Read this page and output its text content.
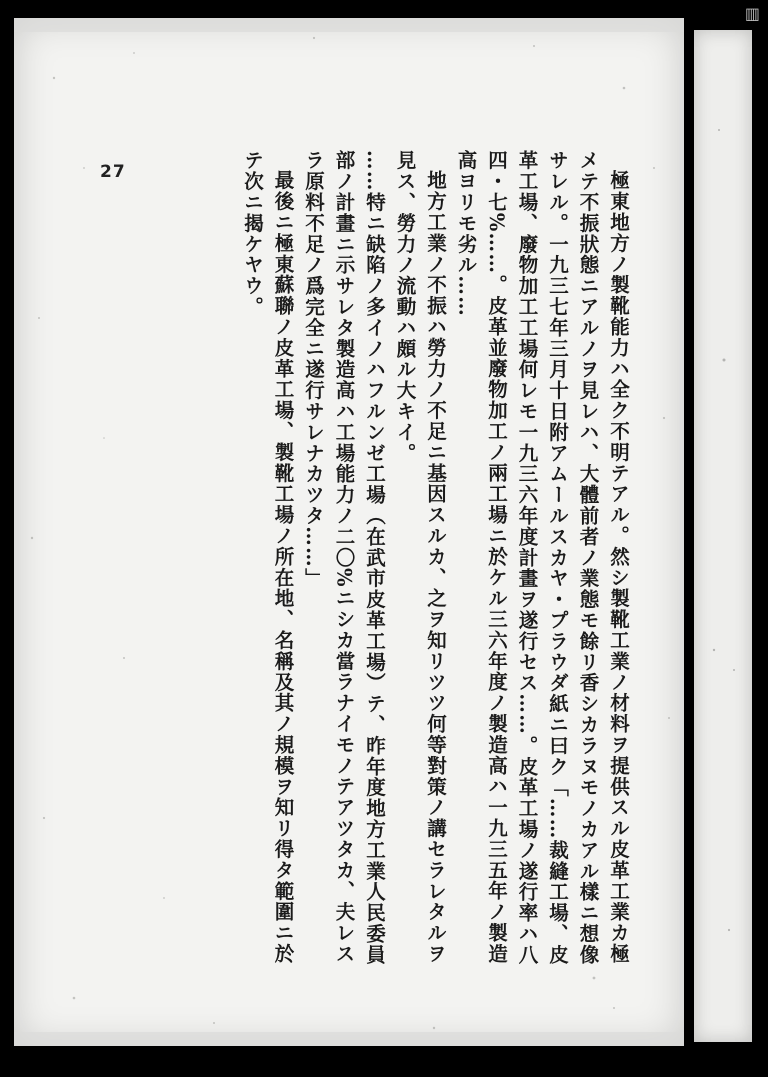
▥
27	極東地方ノ製靴能力ハ全ク不明テアル。然シ製靴工業ノ材料ヲ提供スル皮革工業カ極メテ不振狀態ニアルノヲ見レハ、大體前者ノ業態モ餘リ香シカラヌモノカアル樣ニ想像サレル。一九三七年三月十日附アムールスカヤ・プラウダ紙ニ曰ク「……裁縫工場、皮革工場、廢物加工工場何レモ一九三六年度計畫ヲ遂行セス……。皮革工場ノ遂行率ハ八四・七%……。皮革並廢物加工ノ兩工場ニ於ケル三六年度ノ製造高ハ一九三五年ノ製造高ヨリモ劣ル……

地方工業ノ不振ハ勞力ノ不足ニ基因スルカ、之ヲ知リツツ何等對策ノ講セラレタルヲ見ス、勞力ノ流動ハ頗ル大キイ。

……特ニ缺陷ノ多イノハフルンゼ工場（在武市皮革工場）テ、昨年度地方工業人民委員部ノ計畫ニ示サレタ製造高ハ工場能力ノ二〇%ニシカ當ラナイモノテアツタカ、夫レスラ原料不足ノ爲完全ニ遂行サレナカツタ……」

最後ニ極東蘇聯ノ皮革工場、製靴工場ノ所在地、名稱及其ノ規模ヲ知リ得タ範圍ニ於テ次ニ揭ケヤウ。
